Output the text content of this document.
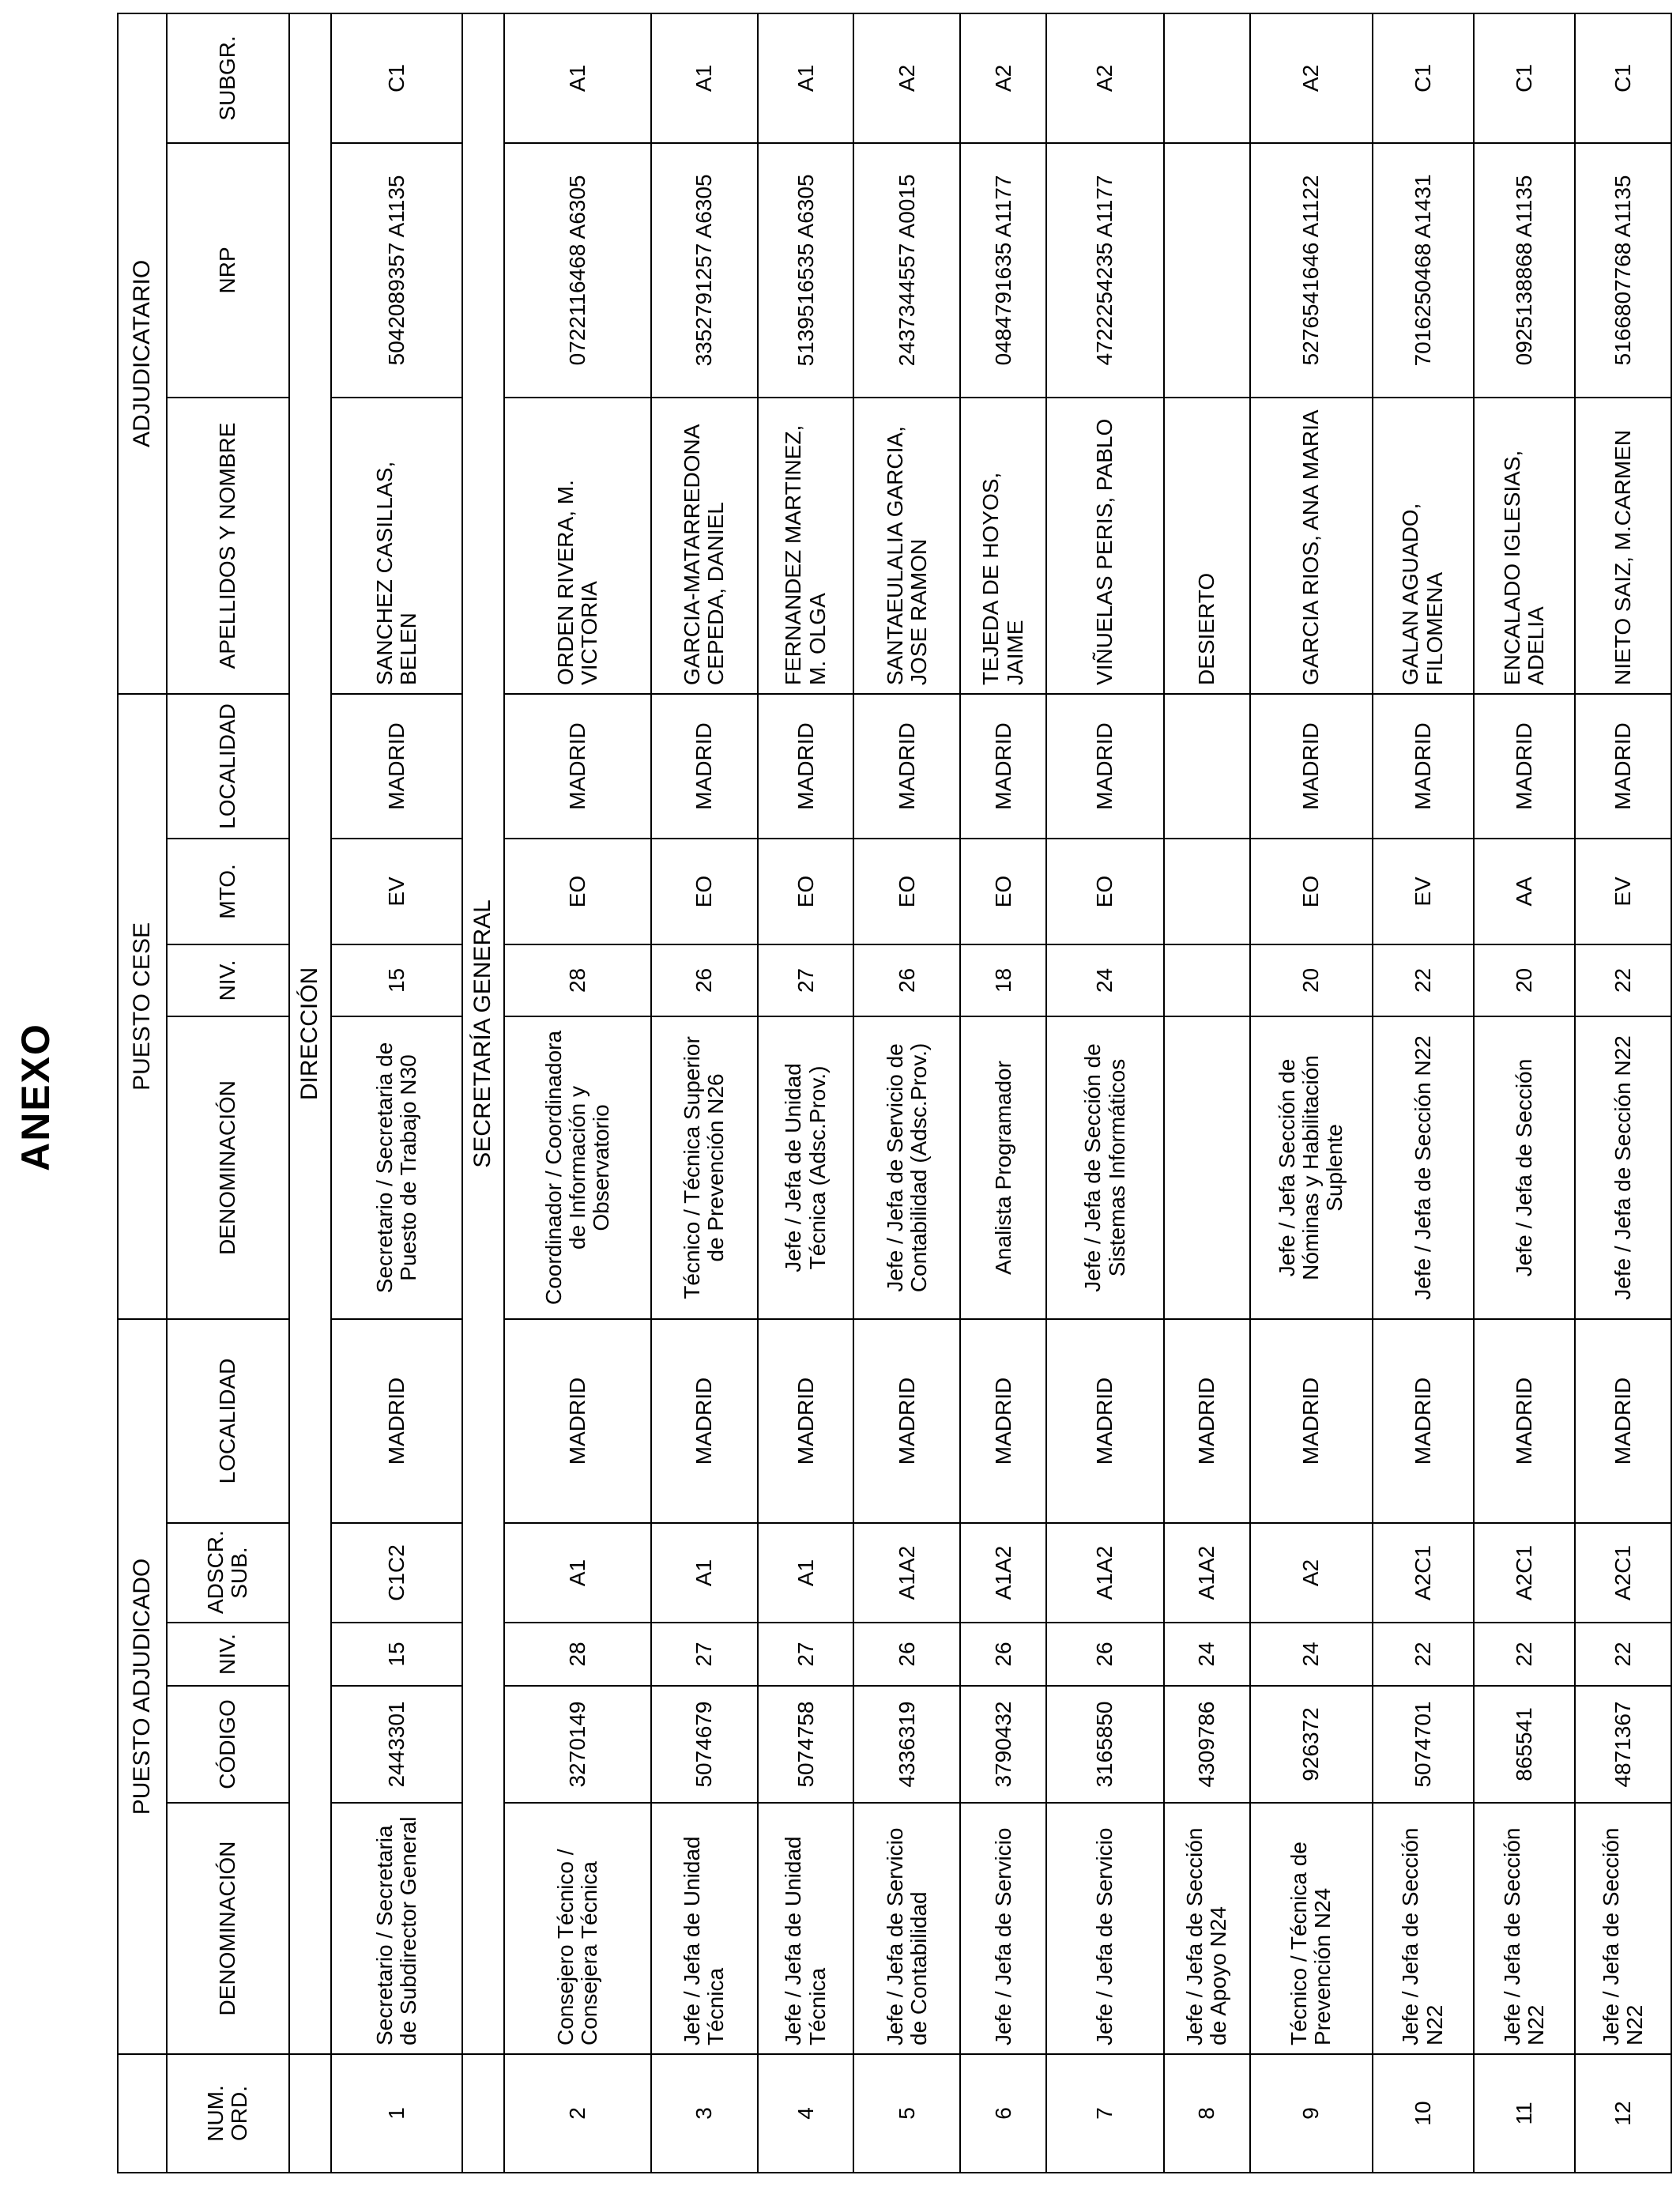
ANEXO
	PUESTO ADJUDICADO					PUESTO CESE				ADJUDICATARIO		
NUM. ORD.	DENOMINACIÓN	CÓDIGO	NIV.	ADSCR. SUB.	LOCALIDAD	DENOMINACIÓN	NIV.	MTO.	LOCALIDAD	APELLIDOS Y NOMBRE	NRP	SUBGR.
	DIRECCIÓN											
1	Secretario / Secretaria de Subdirector General	2443301	15	C1C2	MADRID	Secretario / Secretaria de Puesto de Trabajo N30	15	EV	MADRID	SANCHEZ CASILLAS, BELEN	5042089357 A1135	C1
	SECRETARÍA GENERAL											
2	Consejero Técnico / Consejera Técnica	3270149	28	A1	MADRID	Coordinador / Coordinadora de Información y Observatorio	28	EO	MADRID	ORDEN RIVERA, M. VICTORIA	0722116468 A6305	A1
3	Jefe / Jefa de Unidad Técnica	5074679	27	A1	MADRID	Técnico / Técnica Superior de Prevención N26	26	EO	MADRID	GARCIA-MATARREDONA CEPEDA, DANIEL	3352791257 A6305	A1
4	Jefe / Jefa de Unidad Técnica	5074758	27	A1	MADRID	Jefe / Jefa de Unidad Técnica (Adsc.Prov.)	27	EO	MADRID	FERNANDEZ MARTINEZ, M. OLGA	5139516535 A6305	A1
5	Jefe / Jefa de Servicio de Contabilidad	4336319	26	A1A2	MADRID	Jefe / Jefa de Servicio de Contabilidad (Adsc.Prov.)	26	EO	MADRID	SANTAEULALIA GARCIA, JOSE RAMON	2437344557 A0015	A2
6	Jefe / Jefa de Servicio	3790432	26	A1A2	MADRID	Analista Programador	18	EO	MADRID	TEJEDA DE HOYOS, JAIME	0484791635 A1177	A2
7	Jefe / Jefa de Servicio	3165850	26	A1A2	MADRID	Jefe / Jefa de Sección de Sistemas Informáticos	24	EO	MADRID	VIÑUELAS PERIS, PABLO	4722254235 A1177	A2
8	Jefe / Jefa de Sección de Apoyo N24	4309786	24	A1A2	MADRID					DESIERTO		
9	Técnico / Técnica de Prevención N24	926372	24	A2	MADRID	Jefe / Jefa Sección de Nóminas y Habilitación Suplente	20	EO	MADRID	GARCIA RIOS, ANA MARIA	5276541646 A1122	A2
10	Jefe / Jefa de Sección N22	5074701	22	A2C1	MADRID	Jefe / Jefa de Sección N22	22	EV	MADRID	GALAN AGUADO, FILOMENA	7016250468 A1431	C1
11	Jefe / Jefa de Sección N22	865541	22	A2C1	MADRID	Jefe / Jefa de Sección	20	AA	MADRID	ENCALADO IGLESIAS, ADELIA	0925138868 A1135	C1
12	Jefe / Jefa de Sección N22	4871367	22	A2C1	MADRID	Jefe / Jefa de Sección N22	22	EV	MADRID	NIETO SAIZ, M.CARMEN	5166807768 A1135	C1
